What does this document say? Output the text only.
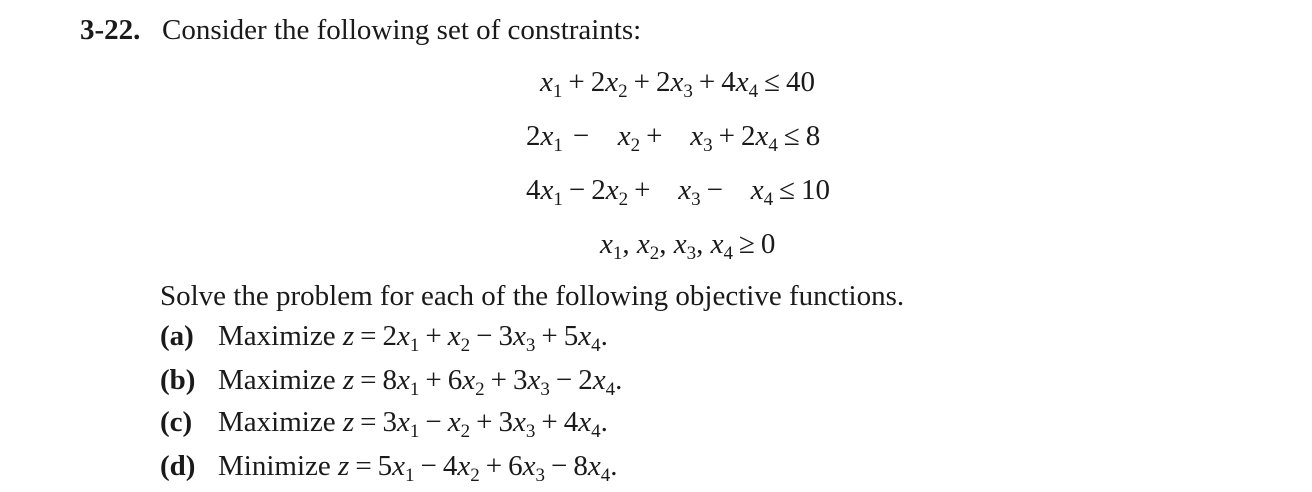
3-22. Consider the following set of constraints:
$x_1 + 2x_2 + 2x_3 + 4x_4 \le 40$
$2x_1 - x_2 + x_3 + 2x_4 \le 8$
$4x_1 - 2x_2 + x_3 - x_4 \le 10$
$x_1$, $x_2$, $x_3$, $x_4 \ge 0$
Solve the problem for each of the following objective functions.
(a) Maximize $z = 2x_1 + x_2 - 3x_3 + 5x_4$.
(b) Maximize $z = 8x_1 + 6x_2 + 3x_3 - 2x_4$.
(c) Maximize $z = 3x_1 - x_2 + 3x_3 + 4x_4$.
(d) Minimize $z = 5x_1 - 4x_2 + 6x_3 - 8x_4$.
